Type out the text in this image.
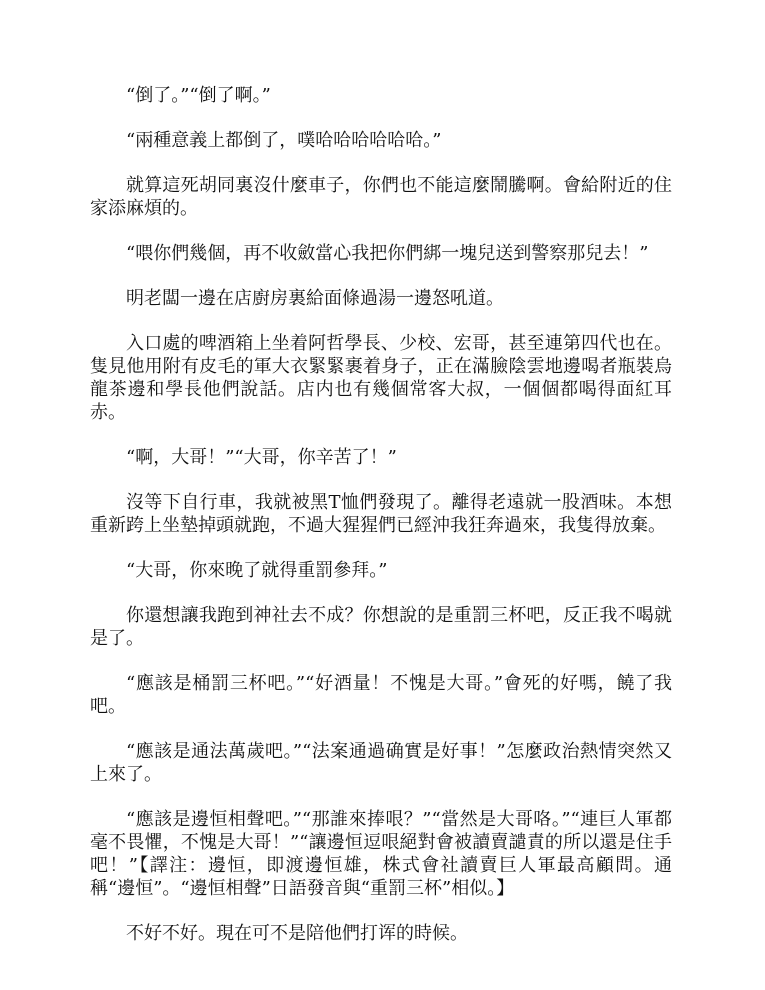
“倒了。”“倒了啊。”

“兩種意義上都倒了，噗哈哈哈哈哈哈。”

就算這死胡同裏沒什麼車子，你們也不能這麼鬧騰啊。會給附近的住家添麻煩的。

“喂你們幾個，再不收斂當心我把你們綁一塊兒送到警察那兒去！”

明老闆一邊在店廚房裏給面條過湯一邊怒吼道。

入口處的啤酒箱上坐着阿哲學長、少校、宏哥，甚至連第四代也在。隻見他用附有皮毛的軍大衣緊緊裹着身子，正在滿臉陰雲地邊喝者瓶裝烏龍茶邊和學長他們說話。店内也有幾個常客大叔，一個個都喝得面紅耳赤。

“啊，大哥！”“大哥，你辛苦了！”

沒等下自行車，我就被黑T恤們發現了。離得老遠就一股酒味。本想重新跨上坐墊掉頭就跑，不過大猩猩們已經沖我狂奔過來，我隻得放棄。

“大哥，你來晚了就得重罰參拜。”

你還想讓我跑到神社去不成？你想說的是重罰三杯吧，反正我不喝就是了。

“應該是桶罰三杯吧。”“好酒量！不愧是大哥。”會死的好嗎，饒了我吧。

“應該是通法萬歲吧。”“法案通過确實是好事！”怎麼政治熱情突然又上來了。

“應該是邊恒相聲吧。”“那誰來捧哏？”“當然是大哥咯。”“連巨人軍都毫不畏懼，不愧是大哥！”“讓邊恒逗哏絕對會被讀賣譴責的所以還是住手吧！”【譯注：邊恒，即渡邊恒雄，株式會社讀賣巨人軍最高顧問。通稱“邊恒”。“邊恒相聲”日語發音與“重罰三杯”相似。】

不好不好。現在可不是陪他們打诨的時候。
